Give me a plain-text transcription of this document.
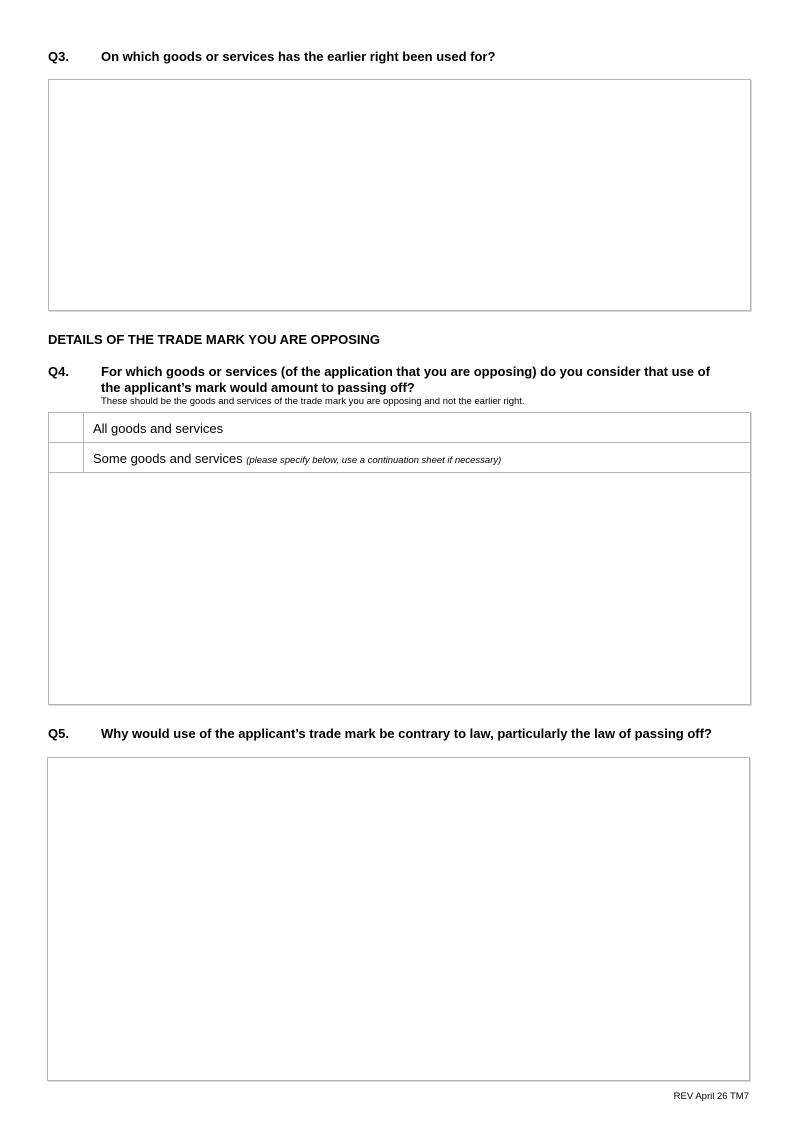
Q3. On which goods or services has the earlier right been used for?
DETAILS OF THE TRADE MARK YOU ARE OPPOSING
Q4. For which goods or services (of the application that you are opposing) do you consider that use of
the applicant’s mark would amount to passing off?
These should be the goods and services of the trade mark you are opposing and not the earlier right.
All goods and services
Some goods and services (please specify below, use a continuation sheet if necessary)
Q5. Why would use of the applicant’s trade mark be contrary to law, particularly the law of passing off?
REV April 26 TM7
